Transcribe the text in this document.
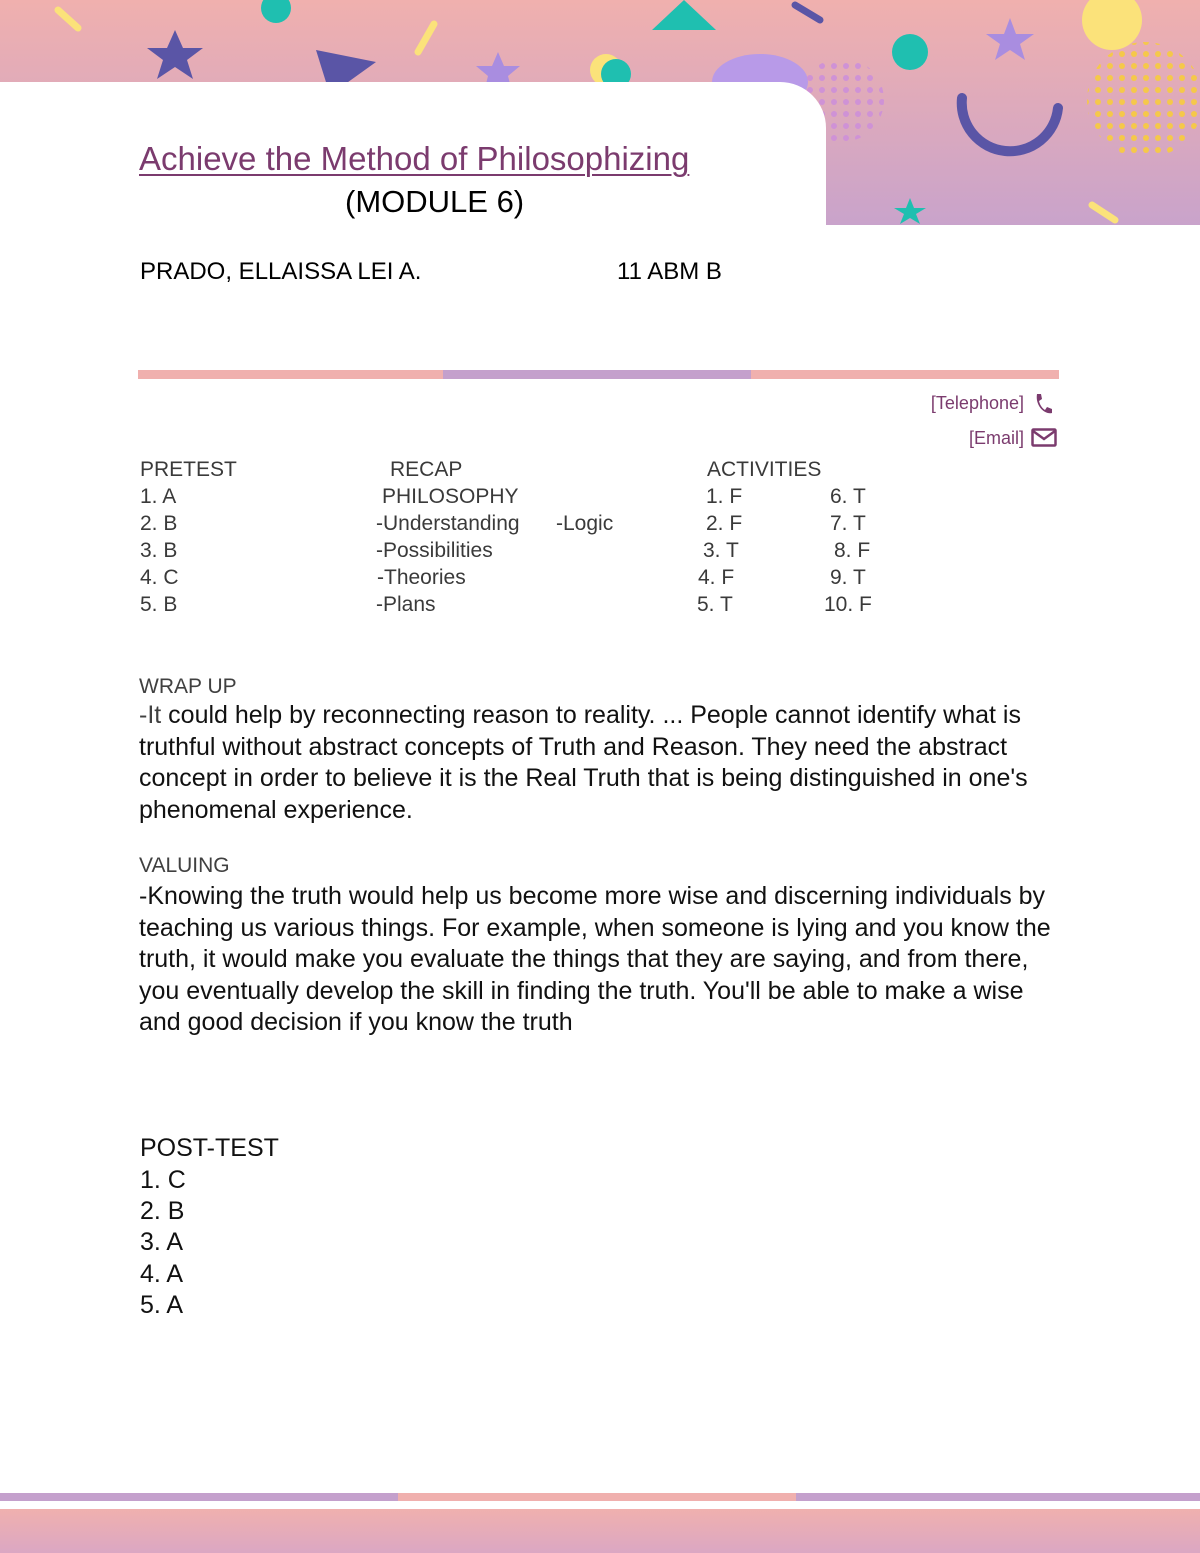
Achieve the Method of Philosophizing
(MODULE 6)
PRADO, ELLAISSA LEI A.	11 ABM B
[Telephone]
[Email]
PRETEST
1. A
2. B
3. B
4. C
5. B
RECAP
PHILOSOPHY
-Understanding -Logic
-Possibilities
-Theories
-Plans
ACTIVITIES
1. F
2. F
3. T
4. F
5. T
6. T
7. T
8. F
9. T
10. F
WRAP UP
-It could help by reconnecting reason to reality. ... People cannot identify what is truthful without abstract concepts of Truth and Reason. They need the abstract concept in order to believe it is the Real Truth that is being distinguished in one's phenomenal experience.
VALUING
-Knowing the truth would help us become more wise and discerning individuals by teaching us various things. For example, when someone is lying and you know the truth, it would make you evaluate the things that they are saying, and from there, you eventually develop the skill in finding the truth. You'll be able to make a wise and good decision if you know the truth
POST-TEST
1. C
2. B
3. A
4. A
5. A
